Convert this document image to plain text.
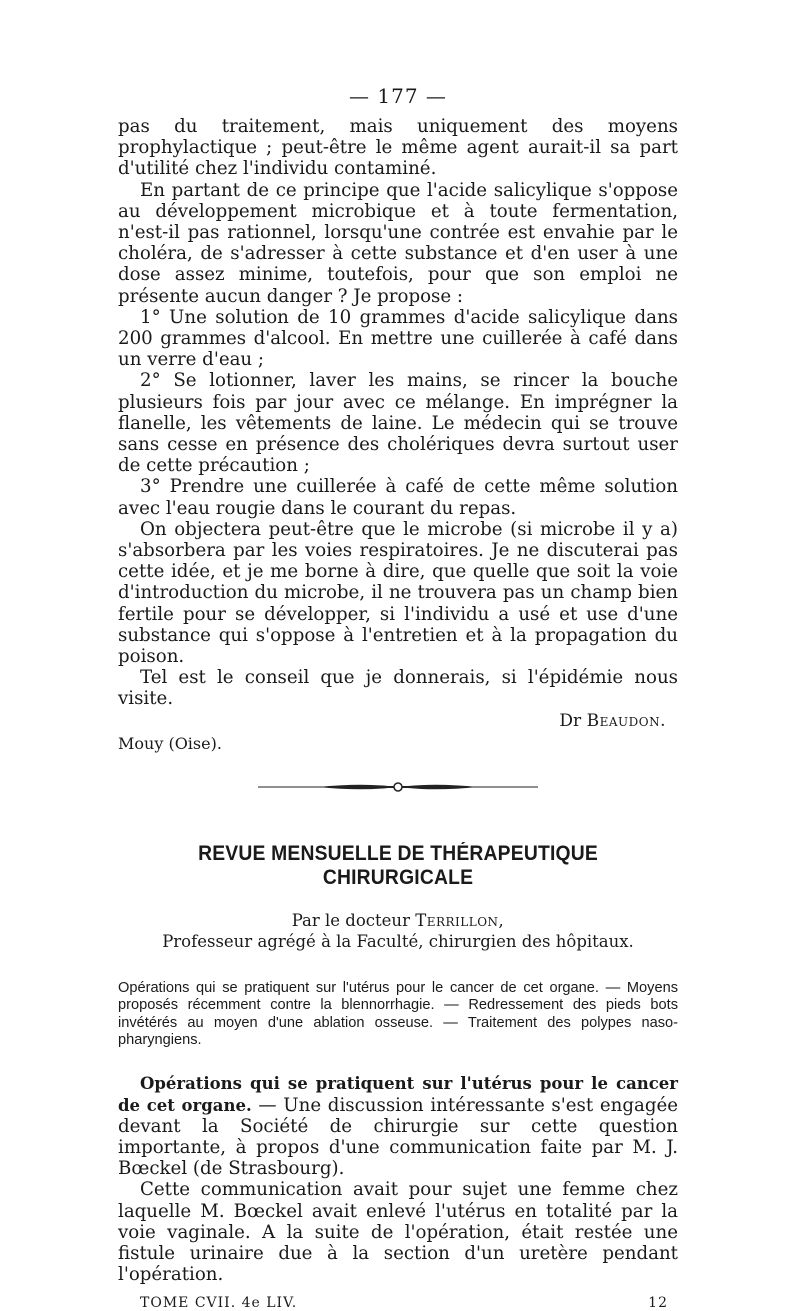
— 177 —

pas du traitement, mais uniquement des moyens prophylactique ; peut-être le même agent aurait-il sa part d'utilité chez l'individu contaminé.

En partant de ce principe que l'acide salicylique s'oppose au développement microbique et à toute fermentation, n'est-il pas rationnel, lorsqu'une contrée est envahie par le choléra, de s'adresser à cette substance et d'en user à une dose assez minime, toutefois, pour que son emploi ne présente aucun danger ? Je propose :

1° Une solution de 10 grammes d'acide salicylique dans 200 grammes d'alcool. En mettre une cuillerée à café dans un verre d'eau ;

2° Se lotionner, laver les mains, se rincer la bouche plusieurs fois par jour avec ce mélange. En imprégner la flanelle, les vêtements de laine. Le médecin qui se trouve sans cesse en présence des cholériques devra surtout user de cette précaution ;

3° Prendre une cuillerée à café de cette même solution avec l'eau rougie dans le courant du repas.

On objectera peut-être que le microbe (si microbe il y a) s'absorbera par les voies respiratoires. Je ne discuterai pas cette idée, et je me borne à dire, que quelle que soit la voie d'introduction du microbe, il ne trouvera pas un champ bien fertile pour se développer, si l'individu a usé et use d'une substance qui s'oppose à l'entretien et à la propagation du poison.

Tel est le conseil que je donnerais, si l'épidémie nous visite.

Dr Beaudon.
Mouy (Oise).
REVUE MENSUELLE DE THÉRAPEUTIQUE CHIRURGICALE
Par le docteur Terrillon,
Professeur agrégé à la Faculté, chirurgien des hôpitaux.

Opérations qui se pratiquent sur l'utérus pour le cancer de cet organe. — Moyens proposés récemment contre la blennorrhagie. — Redressement des pieds bots invétérés au moyen d'une ablation osseuse. — Traitement des polypes naso-pharyngiens.

Opérations qui se pratiquent sur l'utérus pour le cancer de cet organe. — Une discussion intéressante s'est engagée devant la Société de chirurgie sur cette question importante, à propos d'une communication faite par M. J. Bœckel (de Strasbourg).

Cette communication avait pour sujet une femme chez laquelle M. Bœckel avait enlevé l'utérus en totalité par la voie vaginale. A la suite de l'opération, était restée une fistule urinaire due à la section d'un uretère pendant l'opération.

TOME CVII. 4e LIV.	12
